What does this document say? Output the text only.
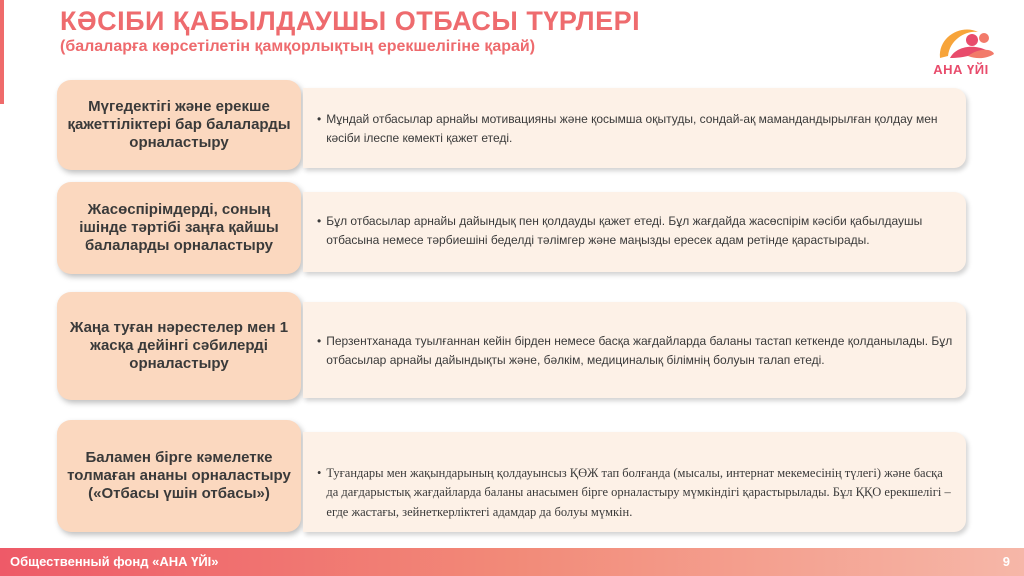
КӘСІБИ ҚАБЫЛДАУШЫ ОТБАСЫ ТҮРЛЕРІ
(балаларға көрсетілетін қамқорлықтың ерекшелігіне қарай)
АНА ҮЙІ
Мүгедектігі және ерекше қажеттіліктері бар балаларды орналастыру
• Мұндай отбасылар арнайы мотивацияны және қосымша оқытуды, сондай-ақ мамандандырылған қолдау мен кәсіби ілеспе көмекті қажет етеді.
Жасөспірімдерді, соның ішінде тәртібі заңға қайшы балаларды орналастыру
• Бұл отбасылар арнайы дайындық пен қолдауды қажет етеді. Бұл жағдайда жасөспірім кәсіби қабылдаушы отбасына немесе тәрбиешіні беделді тәлімгер және маңызды ересек адам ретінде қарастырады.
Жаңа туған нәрестелер мен 1 жасқа дейінгі сәбилерді орналастыру
• Перзентханада туылғаннан кейін бірден немесе басқа жағдайларда баланы тастап кеткенде қолданылады. Бұл отбасылар арнайы дайындықты және, бәлкім, медициналық білімнің болуын талап етеді.
Баламен бірге кәмелетке толмаған ананы орналастыру («Отбасы үшін отбасы»)
• Туғандары мен жақындарының қолдауынсыз ҚӨЖ тап болғанда (мысалы, интернат мекемесінің түлегі) және басқа да дағдарыстық жағдайларда баланы анасымен бірге орналастыру мүмкіндігі қарастырылады. Бұл ҚҚО ерекшелігі – егде жастағы, зейнеткерліктегі адамдар да болуы мүмкін.
Общественный фонд «АНА ҮЙІ»	9
